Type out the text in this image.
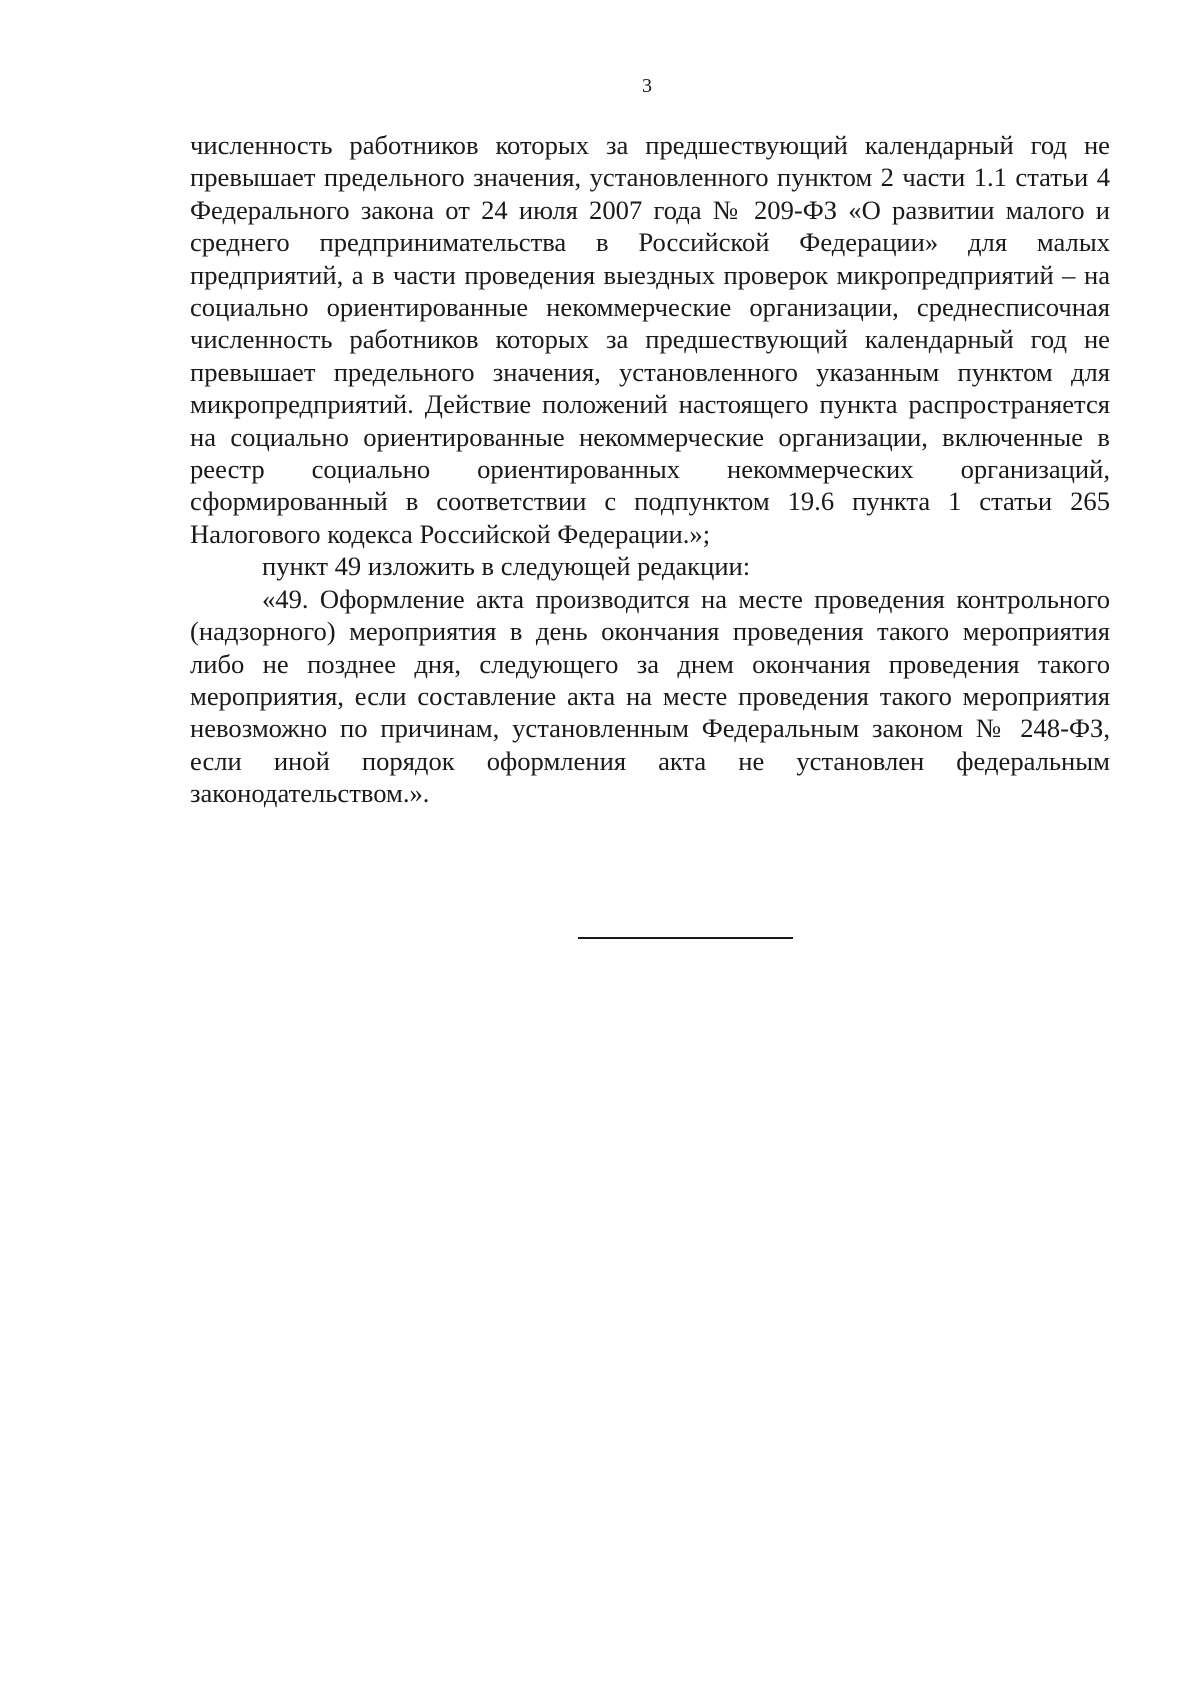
3

численность работников которых за предшествующий календарный год не превышает предельного значения, установленного пунктом 2 части 1.1 статьи 4 Федерального закона от 24 июля 2007 года № 209-ФЗ «О развитии малого и среднего предпринимательства в Российской Федерации» для малых предприятий, а в части проведения выездных проверок микропредприятий – на социально ориентированные некоммерческие организации, среднесписочная численность работников которых за предшествующий календарный год не превышает предельного значения, установленного указанным пунктом для микропредприятий. Действие положений настоящего пункта распространяется на социально ориентированные некоммерческие организации, включенные в реестр социально ориентированных некоммерческих организаций, сформированный в соответствии с подпунктом 19.6 пункта 1 статьи 265 Налогового кодекса Российской Федерации.»;

пункт 49 изложить в следующей редакции:

«49. Оформление акта производится на месте проведения контрольного (надзорного) мероприятия в день окончания проведения такого мероприятия либо не позднее дня, следующего за днем окончания проведения такого мероприятия, если составление акта на месте проведения такого мероприятия невозможно по причинам, установленным Федеральным законом № 248-ФЗ, если иной порядок оформления акта не установлен федеральным законодательством.».
